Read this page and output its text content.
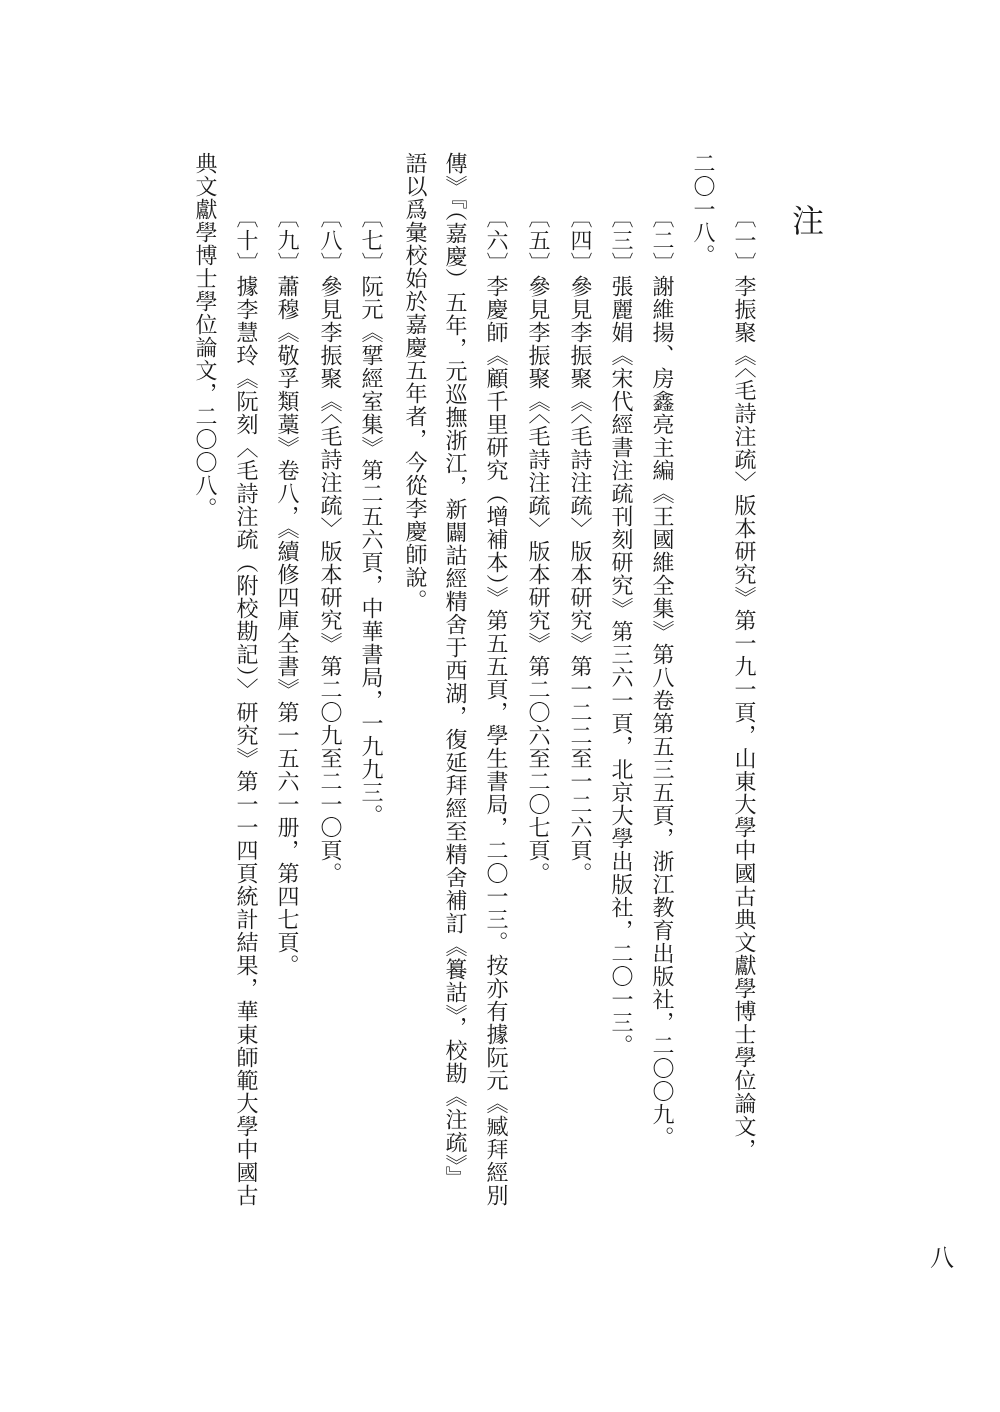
注
〔一〕李振聚《〈毛詩注疏〉版本研究》第一九一頁，山東大學中國古典文獻學博士學位論文，
二〇一八。
〔二〕謝維揚、房鑫亮主編《王國維全集》第八卷第五三五頁，浙江教育出版社，二〇〇九。
〔三〕張麗娟《宋代經書注疏刊刻研究》第三六一頁，北京大學出版社，二〇一三。
〔四〕參見李振聚《〈毛詩注疏〉版本研究》第一二二至一二六頁。
〔五〕參見李振聚《〈毛詩注疏〉版本研究》第二〇六至二〇七頁。
〔六〕李慶師《顧千里研究（增補本）》第五五頁，學生書局，二〇一三。按亦有據阮元《臧拜經別
傳》『（嘉慶）五年，元巡撫浙江，新闢詁經精舍于西湖，復延拜經至精舍補訂《籑詁》，校勘《注疏》』
語以爲彙校始於嘉慶五年者，今從李慶師說。
〔七〕阮元《揅經室集》第二五六頁，中華書局，一九九三。
〔八〕參見李振聚《〈毛詩注疏〉版本研究》第二〇九至二一〇頁。
〔九〕蕭穆《敬孚類藁》卷八，《續修四庫全書》第一五六一册，第四七頁。
〔十〕據李慧玲《阮刻〈毛詩注疏（附校勘記）〉研究》第一一四頁統計結果，華東師範大學中國古
典文獻學博士學位論文，二〇〇八。
八
